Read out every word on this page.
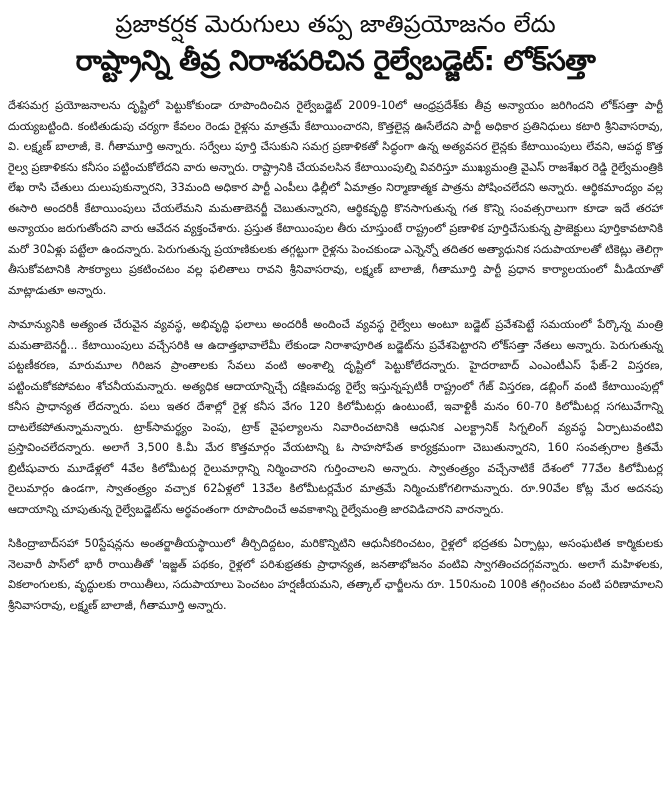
ప్రజాకర్షక మెరుగులు తప్ప జాతిప్రయోజనం లేదు
రాష్ట్రాన్ని తీవ్ర నిరాశపరిచిన రైల్వేబడ్జెట్: లోక్‌సత్తా

దేశసమగ్ర ప్రయోజనాలను దృష్టిలో పెట్టుకోకుండా రూపొందించిన రైల్వేబడ్జెట్ 2009-10లో ఆంధ్రప్రదేశ్‌కు తీవ్ర అన్యాయం జరిగిందని లోక్‌సత్తా పార్టీ దుయ్యబట్టింది. కంటితుడుపు చర్యగా కేవలం రెండు రైళ్లను మాత్రమే కేటాయించారని, కొత్తలైన్ల ఊసేలేదని పార్టీ అధికార ప్రతినిధులు కటారి శ్రీనివాసరావు, వి. లక్ష్మణ్ బాలాజీ, కె. గీతామూర్తి అన్నారు. సర్వేలు పూర్తి చేసుకుని సమగ్ర ప్రణాళికతో సిద్ధంగా ఉన్న అత్యవసర లైన్లకు కేటాయింపులు లేవని, ఆపద్ధ కొత్త రైల్వ ప్రణాళికను కనీసం పట్టించుకోలేదని వారు అన్నారు. రాష్ట్రానికి చేయవలసిన కేటాయింపుల్ని వివరిస్తూ ముఖ్యమంత్రి వైఎస్ రాజశేఖర రెడ్డి రైల్వేమంత్రికి లేఖ రాసి చేతులు దులుపుకున్నారని, 33మంది అధికార పార్టీ ఎంపీలు ఢిల్లీలో ఏమాత్రం నిర్మాణాత్మక పాత్రను పోషించలేదని అన్నారు. ఆర్థికమాంద్యం వల్ల ఈసారి అందరికీ కేటాయింపులు చేయలేమని మమతాబెనర్జీ చెబుతున్నారని, ఆర్థికవృద్ధి కొనసాగుతున్న గత కొన్ని సంవత్సరాలుగా కూడా ఇదే తరహా అన్యాయం జరుగుతోందని వారు ఆవేదన వ్యక్తంచేశారు. ప్రస్తుత కేటాయింపుల తీరు చూస్తుంటే రాష్ట్రంలో ప్రణాళిక పూర్తిచేసుకున్న ప్రాజెక్టులు పూర్తికావటానికి మరో 30ఏళ్లు పట్టేలా ఉందన్నారు. పెరుగుతున్న ప్రయాణికులకు తగ్గట్టుగా రైళ్లను పెంచకుండా ఎన్నెన్నో తదితర అత్యాధునిక సదుపాయాలతో టికెట్లు తెలిగ్గా తీసుకోవటానికి సౌకర్యాలు ప్రకటించటం వల్ల ఫలితాలు రావని శ్రీనివాసరావు, లక్ష్మణ్ బాలాజీ, గీతామూర్తి పార్టీ ప్రధాన కార్యాలయంలో మీడియాతో మాట్లాడుతూ అన్నారు.

సామాన్యునికి అత్యంత చేరువైన వ్యవస్థ, అభివృద్ధి ఫలాలు అందరికీ అందించే వ్యవస్థ రైల్వేలు అంటూ బడ్జెట్ ప్రవేశపెట్టే సమయంలో పేర్కొన్న మంత్రి మమతాబెనర్జీ... కేటాయింపులు వచ్చేసరికి ఆ ఉదాత్తభావాలేమీ లేకుండా నిరాశాపూరిత బడ్జెట్‌ను ప్రవేశపెట్టారని లోక్‌సత్తా నేతలు అన్నారు. పెరుగుతున్న పట్టణీకరణ, మారుమూల గిరిజన ప్రాంతాలకు సేవలు వంటి అంశాల్ని దృష్టిలో పెట్టుకోలేదన్నారు. హైదరాబాద్ ఎంఎంటీఎస్ ఫేజ్-2 విస్తరణ, పట్టించుకోకపోవటం శోచనీయమన్నారు. అత్యధిక ఆదాయాన్నిచ్చే దక్షిణమధ్య రైల్వే ఇస్తున్నప్పటికీ రాష్ట్రంలో గేజ్ విస్తరణ, డబ్లింగ్ వంటి కేటాయింపుల్లో కనీస ప్రాధాన్యత లేదన్నారు. పలు ఇతర దేశాల్లో రైళ్ల కనీస వేగం 120 కిలోమీటర్లు ఉంటుంటే, ఇవాళ్టికీ మనం 60-70 కిలోమీటర్ల సగటువేగాన్ని దాటలేకపోతున్నామన్నారు. ట్రాక్‌సామర్థ్యం పెంపు, ట్రాక్ వైఫల్యాలను నివారించటానికి ఆధునిక ఎలక్ట్రానిక్ సిగ్నలింగ్ వ్యవస్థ ఏర్పాటువంటివి ప్రస్తావించలేదన్నారు. అలాగే 3,500 కి.మీ మేర కొత్తమార్గం వేయటాన్ని ఓ సాహసోపేత కార్యక్రమంగా చెబుతున్నారని, 160 సంవత్సరాల క్రితమే బ్రిటీషువారు మూడేళ్లలో 4వేల కిలోమీటర్ల రైలుమార్గాన్ని నిర్మించారని గుర్తించాలని అన్నారు. స్వాతంత్ర్యం వచ్చేనాటికే దేశంలో 77వేల కిలోమీటర్ల రైలుమార్గం ఉండగా, స్వాతంత్ర్యం వచ్చాక 62ఏళ్లలో 13వేల కిలోమీటర్లమేర మాత్రమే నిర్మించుకోగలిగామన్నారు. రూ.90వేల కోట్ల మేర అదనపు ఆదాయాన్ని చూపుతున్న రైల్వేబడ్జెట్‌ను అర్థవంతంగా రూపొందించే అవకాశాన్ని రైల్వేమంత్రి జారవిడిచారని వారన్నారు.

సికింద్రాబాద్‌సహా 50స్టేషన్లను అంతర్జాతీయస్థాయిలో తీర్చిదిద్దటం, మరికొన్నిటిని ఆధునీకరించటం, రైళ్లలో భద్రతకు ఏర్పాట్లు, అసంఘటిత కార్మికులకు నెలవారీ పాస్‌లో భారీ రాయితీతో 'ఇజ్జత్ పథకం, రైళ్లలో పరిశుభ్రతకు ప్రాధాన్యత, జనతాభోజనం వంటివి స్వాగతించదగ్గవన్నారు. అలాగే మహిళలకు, వికలాంగులకు, వృద్ధులకు రాయితీలు, సదుపాయాలు పెంచటం హర్షణీయమని, తత్కాల్ ఛార్జీలను రూ. 150నుంచి 100కి తగ్గించటం వంటి పరిణామాలని శ్రీనివాసరావు, లక్ష్మణ్ బాలాజీ, గీతామూర్తి అన్నారు.
